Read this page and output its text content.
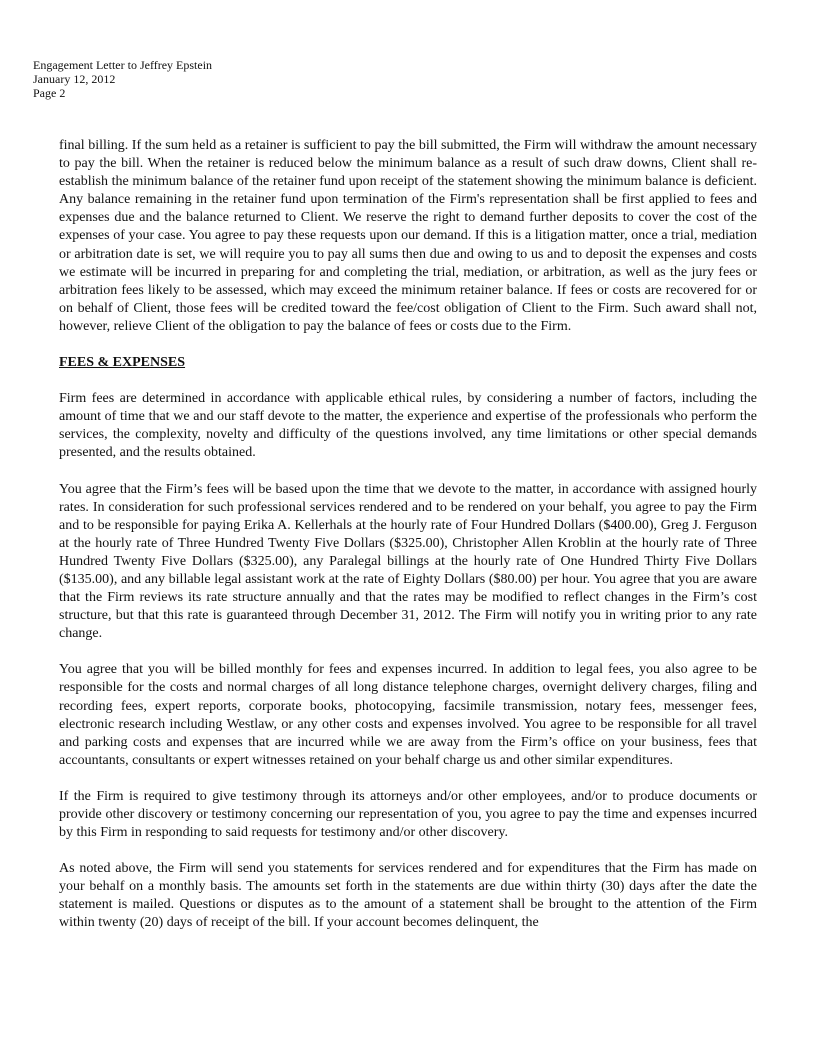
Engagement Letter to Jeffrey Epstein
January 12, 2012
Page 2

final billing. If the sum held as a retainer is sufficient to pay the bill submitted, the Firm will withdraw the amount necessary to pay the bill. When the retainer is reduced below the minimum balance as a result of such draw downs, Client shall re-establish the minimum balance of the retainer fund upon receipt of the statement showing the minimum balance is deficient. Any balance remaining in the retainer fund upon termination of the Firm's representation shall be first applied to fees and expenses due and the balance returned to Client. We reserve the right to demand further deposits to cover the cost of the expenses of your case. You agree to pay these requests upon our demand. If this is a litigation matter, once a trial, mediation or arbitration date is set, we will require you to pay all sums then due and owing to us and to deposit the expenses and costs we estimate will be incurred in preparing for and completing the trial, mediation, or arbitration, as well as the jury fees or arbitration fees likely to be assessed, which may exceed the minimum retainer balance. If fees or costs are recovered for or on behalf of Client, those fees will be credited toward the fee/cost obligation of Client to the Firm. Such award shall not, however, relieve Client of the obligation to pay the balance of fees or costs due to the Firm.

FEES & EXPENSES

Firm fees are determined in accordance with applicable ethical rules, by considering a number of factors, including the amount of time that we and our staff devote to the matter, the experience and expertise of the professionals who perform the services, the complexity, novelty and difficulty of the questions involved, any time limitations or other special demands presented, and the results obtained.

You agree that the Firm’s fees will be based upon the time that we devote to the matter, in accordance with assigned hourly rates. In consideration for such professional services rendered and to be rendered on your behalf, you agree to pay the Firm and to be responsible for paying Erika A. Kellerhals at the hourly rate of Four Hundred Dollars ($400.00), Greg J. Ferguson at the hourly rate of Three Hundred Twenty Five Dollars ($325.00), Christopher Allen Kroblin at the hourly rate of Three Hundred Twenty Five Dollars ($325.00), any Paralegal billings at the hourly rate of One Hundred Thirty Five Dollars ($135.00), and any billable legal assistant work at the rate of Eighty Dollars ($80.00) per hour. You agree that you are aware that the Firm reviews its rate structure annually and that the rates may be modified to reflect changes in the Firm’s cost structure, but that this rate is guaranteed through December 31, 2012. The Firm will notify you in writing prior to any rate change.

You agree that you will be billed monthly for fees and expenses incurred. In addition to legal fees, you also agree to be responsible for the costs and normal charges of all long distance telephone charges, overnight delivery charges, filing and recording fees, expert reports, corporate books, photocopying, facsimile transmission, notary fees, messenger fees, electronic research including Westlaw, or any other costs and expenses involved. You agree to be responsible for all travel and parking costs and expenses that are incurred while we are away from the Firm’s office on your business, fees that accountants, consultants or expert witnesses retained on your behalf charge us and other similar expenditures.

If the Firm is required to give testimony through its attorneys and/or other employees, and/or to produce documents or provide other discovery or testimony concerning our representation of you, you agree to pay the time and expenses incurred by this Firm in responding to said requests for testimony and/or other discovery.

As noted above, the Firm will send you statements for services rendered and for expenditures that the Firm has made on your behalf on a monthly basis. The amounts set forth in the statements are due within thirty (30) days after the date the statement is mailed. Questions or disputes as to the amount of a statement shall be brought to the attention of the Firm within twenty (20) days of receipt of the bill. If your account becomes delinquent, the
